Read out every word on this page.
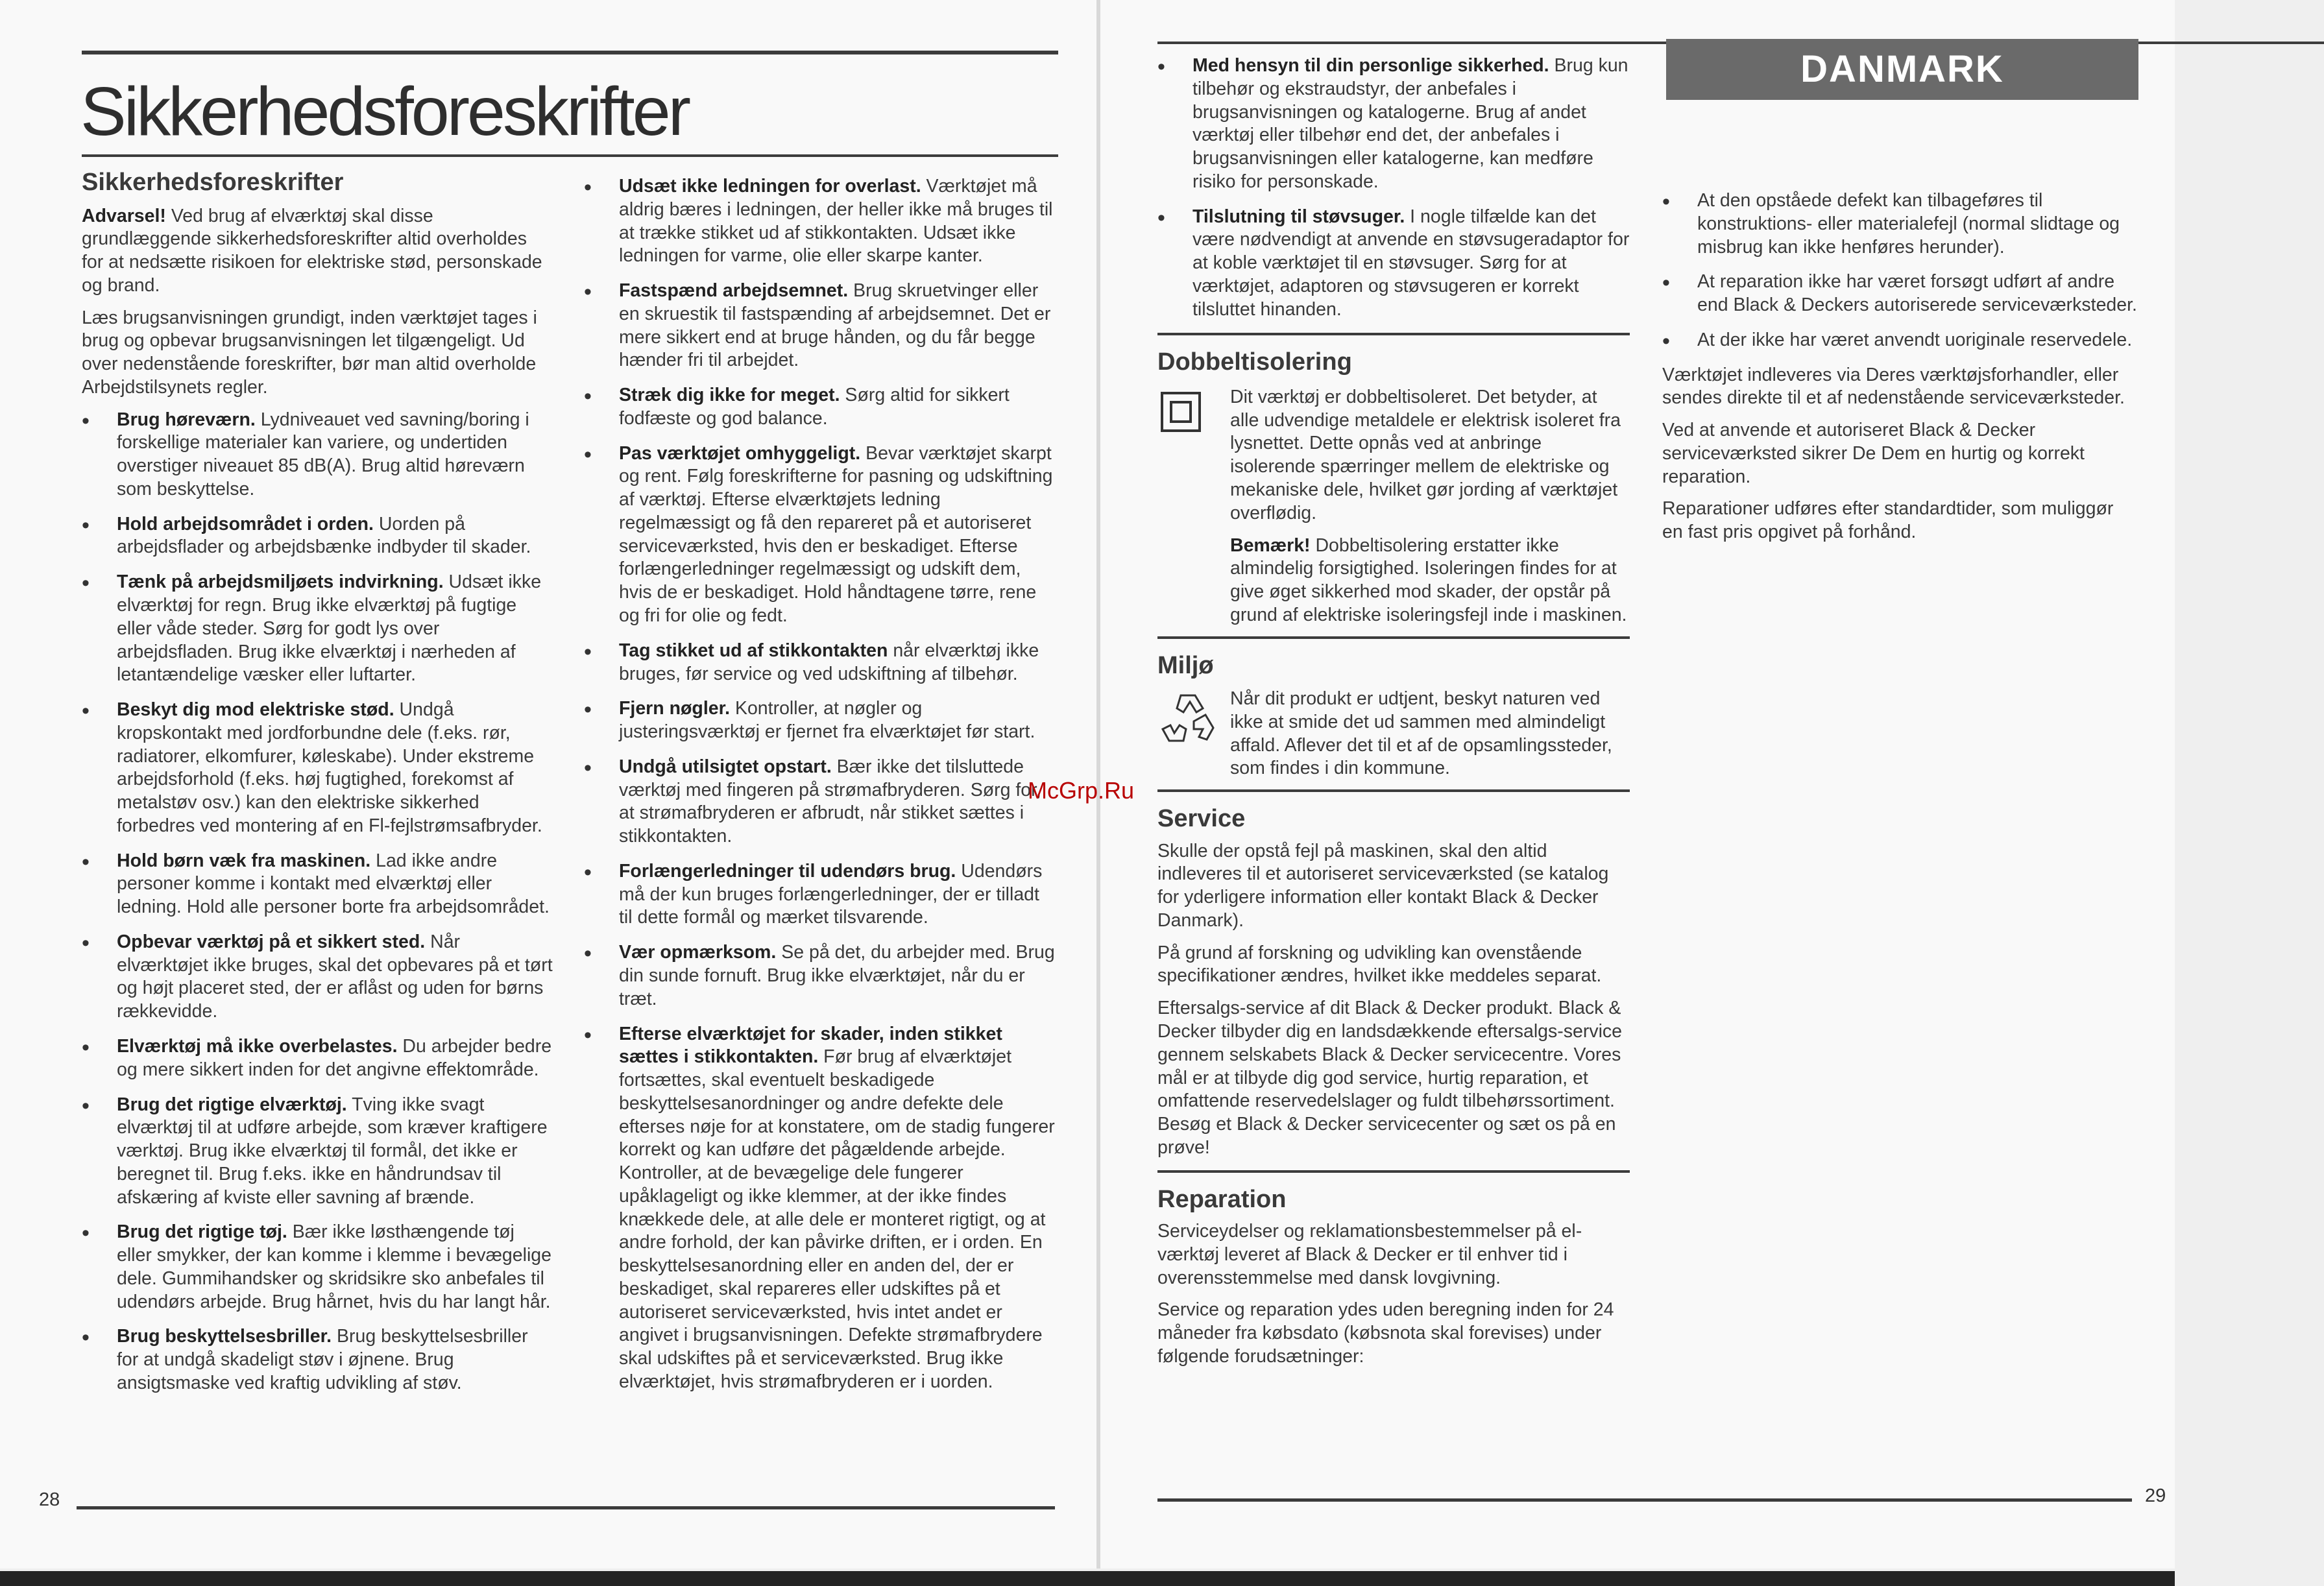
Sikkerhedsforeskrifter
Sikkerhedsforeskrifter

Advarsel! Ved brug af elværktøj skal disse grundlæggende sikkerhedsforeskrifter altid overholdes for at nedsætte risikoen for elektriske stød, personskade og brand.

Læs brugsanvisningen grundigt, inden værktøjet tages i brug og opbevar brugsanvisningen let tilgængeligt. Ud over nedenstående foreskrifter, bør man altid overholde Arbejdstilsynets regler.

• Brug høreværn. Lydniveauet ved savning/boring i forskellige materialer kan variere, og undertiden overstiger niveauet 85 dB(A). Brug altid høreværn som beskyttelse.
• Hold arbejdsområdet i orden. Uorden på arbejdsflader og arbejdsbænke indbyder til skader.
• Tænk på arbejdsmiljøets indvirkning. Udsæt ikke elværktøj for regn. Brug ikke elværktøj på fugtige eller våde steder. Sørg for godt lys over arbejdsfladen. Brug ikke elværktøj i nærheden af letantændelige væsker eller luftarter.
• Beskyt dig mod elektriske stød. Undgå kropskontakt med jordforbundne dele (f.eks. rør, radiatorer, elkomfurer, køleskabe). Under ekstreme arbejdsforhold (f.eks. høj fugtighed, forekomst af metalstøv osv.) kan den elektriske sikkerhed forbedres ved montering af en Fl-fejlstrømsafbryder.
• Hold børn væk fra maskinen. Lad ikke andre personer komme i kontakt med elværktøj eller ledning. Hold alle personer borte fra arbejdsområdet.
• Opbevar værktøj på et sikkert sted. Når elværktøjet ikke bruges, skal det opbevares på et tørt og højt placeret sted, der er aflåst og uden for børns rækkevidde.
• Elværktøj må ikke overbelastes. Du arbejder bedre og mere sikkert inden for det angivne effektområde.
• Brug det rigtige elværktøj. Tving ikke svagt elværktøj til at udføre arbejde, som kræver kraftigere værktøj. Brug ikke elværktøj til formål, det ikke er beregnet til. Brug f.eks. ikke en håndrundsav til afskæring af kviste eller savning af brænde.
• Brug det rigtige tøj. Bær ikke løsthængende tøj eller smykker, der kan komme i klemme i bevægelige dele. Gummihandsker og skridsikre sko anbefales til udendørs arbejde. Brug hårnet, hvis du har langt hår.
• Brug beskyttelsesbriller. Brug beskyttelsesbriller for at undgå skadeligt støv i øjnene. Brug ansigtsmaske ved kraftig udvikling af støv.
• Udsæt ikke ledningen for overlast. Værktøjet må aldrig bæres i ledningen, der heller ikke må bruges til at trække stikket ud af stikkontakten. Udsæt ikke ledningen for varme, olie eller skarpe kanter.
• Fastspænd arbejdsemnet. Brug skruetvinger eller en skruestik til fastspænding af arbejdsemnet. Det er mere sikkert end at bruge hånden, og du får begge hænder fri til arbejdet.
• Stræk dig ikke for meget. Sørg altid for sikkert fodfæste og god balance.
• Pas værktøjet omhyggeligt. Bevar værktøjet skarpt og rent. Følg foreskrifterne for pasning og udskiftning af værktøj. Efterse elværktøjets ledning regelmæssigt og få den repareret på et autoriseret serviceværksted, hvis den er beskadiget. Efterse forlængerledninger regelmæssigt og udskift dem, hvis de er beskadiget. Hold håndtagene tørre, rene og fri for olie og fedt.
• Tag stikket ud af stikkontakten når elværktøj ikke bruges, før service og ved udskiftning af tilbehør.
• Fjern nøgler. Kontroller, at nøgler og justeringsværktøj er fjernet fra elværktøjet før start.
• Undgå utilsigtet opstart. Bær ikke det tilsluttede værktøj med fingeren på strømafbryderen. Sørg for, at strømafbryderen er afbrudt, når stikket sættes i stikkontakten.
• Forlængerledninger til udendørs brug. Udendørs må der kun bruges forlængerledninger, der er tilladt til dette formål og mærket tilsvarende.
• Vær opmærksom. Se på det, du arbejder med. Brug din sunde fornuft. Brug ikke elværktøjet, når du er træt.
• Efterse elværktøjet for skader, inden stikket sættes i stikkontakten. Før brug af elværktøjet fortsættes, skal eventuelt beskadigede beskyttelsesanordninger og andre defekte dele efterses nøje for at konstatere, om de stadig fungerer korrekt og kan udføre det pågældende arbejde. Kontroller, at de bevægelige dele fungerer upåklageligt og ikke klemmer, at der ikke findes knækkede dele, at alle dele er monteret rigtigt, og at andre forhold, der kan påvirke driften, er i orden. En beskyttelsesanordning eller en anden del, der er beskadiget, skal repareres eller udskiftes på et autoriseret serviceværksted, hvis intet andet er angivet i brugsanvisningen. Defekte strømafbrydere skal udskiftes på et serviceværksted. Brug ikke elværktøjet, hvis strømafbryderen er i uorden.
28
DANMARK
• Med hensyn til din personlige sikkerhed. Brug kun tilbehør og ekstraudstyr, der anbefales i brugsanvisningen og katalogerne. Brug af andet værktøj eller tilbehør end det, der anbefales i brugsanvisningen eller katalogerne, kan medføre risiko for personskade.
• Tilslutning til støvsuger. I nogle tilfælde kan det være nødvendigt at anvende en støvsugeradaptor for at koble værktøjet til en støvsuger. Sørg for at værktøjet, adaptoren og støvsugeren er korrekt tilsluttet hinanden.
Dobbeltisolering

Dit værktøj er dobbeltisoleret. Det betyder, at alle udvendige metaldele er elektrisk isoleret fra lysnettet. Dette opnås ved at anbringe isolerende spærringer mellem de elektriske og mekaniske dele, hvilket gør jording af værktøjet overflødig.

Bemærk! Dobbeltisolering erstatter ikke almindelig forsigtighed. Isoleringen findes for at give øget sikkerhed mod skader, der opstår på grund af elektriske isoleringsfejl inde i maskinen.

Miljø

Når dit produkt er udtjent, beskyt naturen ved ikke at smide det ud sammen med almindeligt affald. Aflever det til et af de opsamlingssteder, som findes i din kommune.

Service

Skulle der opstå fejl på maskinen, skal den altid indleveres til et autoriseret serviceværksted (se katalog for yderligere information eller kontakt Black & Decker Danmark).

På grund af forskning og udvikling kan ovenstående specifikationer ændres, hvilket ikke meddeles separat.

Eftersalgs-service af dit Black & Decker produkt. Black & Decker tilbyder dig en landsdækkende eftersalgs-service gennem selskabets Black & Decker servicecentre. Vores mål er at tilbyde dig god service, hurtig reparation, et omfattende reservedelslager og fuldt tilbehørssortiment. Besøg et Black & Decker servicecenter og sæt os på en prøve!

Reparation

Serviceydelser og reklamationsbestemmelser på el-værktøj leveret af Black & Decker er til enhver tid i overensstemmelse med dansk lovgivning.

Service og reparation ydes uden beregning inden for 24 måneder fra købsdato (købsnota skal forevises) under følgende forudsætninger:

• At den opståede defekt kan tilbageføres til konstruktions- eller materialefejl (normal slidtage og misbrug kan ikke henføres herunder).
• At reparation ikke har været forsøgt udført af andre end Black & Deckers autoriserede serviceværksteder.
• At der ikke har været anvendt uoriginale reservedele.

Værktøjet indleveres via Deres værktøjsforhandler, eller sendes direkte til et af nedenstående serviceværksteder.

Ved at anvende et autoriseret Black & Decker serviceværksted sikrer De Dem en hurtig og korrekt reparation.

Reparationer udføres efter standardtider, som muliggør en fast pris opgivet på forhånd.

McGrp.Ru
29
